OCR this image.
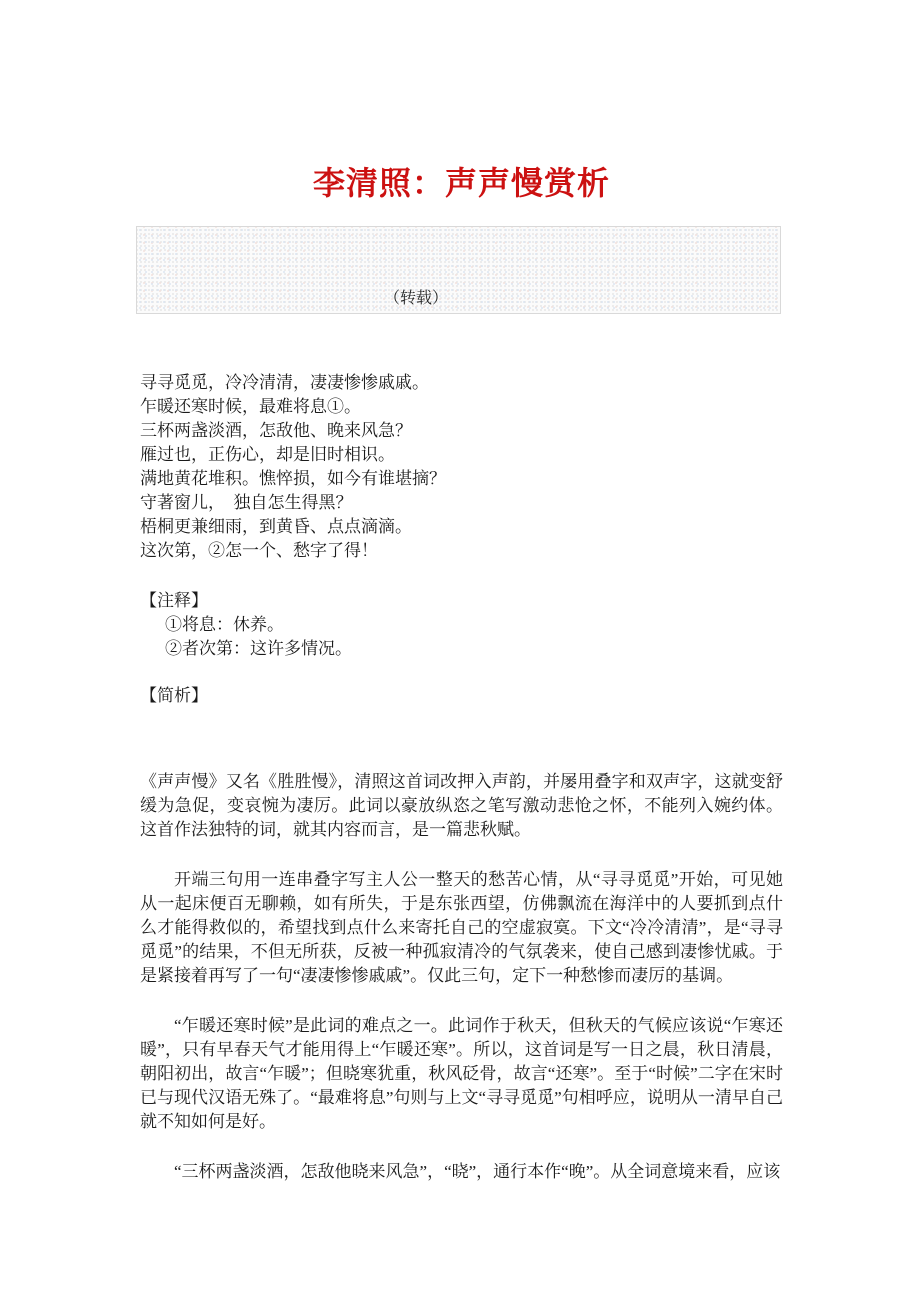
李清照：声声慢赏析
（转载）
寻寻觅觅，冷冷清清，凄凄惨惨戚戚。
乍暖还寒时候，最难将息①。
三杯两盏淡酒，怎敌他、晚来风急？
雁过也，正伤心，却是旧时相识。
满地黄花堆积。憔悴损，如今有谁堪摘？
守著窗儿，　独自怎生得黑？
梧桐更兼细雨，到黄昏、点点滴滴。
这次第，②怎一个、愁字了得！
【注释】
①将息：休养。
②者次第：这许多情况。
【简析】

《声声慢》又名《胜胜慢》，清照这首词改押入声韵，并屡用叠字和双声字，这就变舒缓为急促，变哀惋为凄厉。此词以豪放纵恣之笔写激动悲怆之怀，不能列入婉约体。这首作法独特的词，就其内容而言，是一篇悲秋赋。

开端三句用一连串叠字写主人公一整天的愁苦心情，从“寻寻觅觅”开始，可见她从一起床便百无聊赖，如有所失，于是东张西望，仿佛飘流在海洋中的人要抓到点什么才能得救似的，希望找到点什么来寄托自己的空虚寂寞。下文“冷冷清清”，是“寻寻觅觅”的结果，不但无所获，反被一种孤寂清冷的气氛袭来，使自己感到凄惨忧戚。于是紧接着再写了一句“凄凄惨惨戚戚”。仅此三句，定下一种愁惨而凄厉的基调。

“乍暖还寒时候”是此词的难点之一。此词作于秋天，但秋天的气候应该说“乍寒还暖”，只有早春天气才能用得上“乍暖还寒”。所以，这首词是写一日之晨，秋日清晨，朝阳初出，故言“乍暖”；但晓寒犹重，秋风砭骨，故言“还寒”。至于“时候”二字在宋时已与现代汉语无殊了。“最难将息”句则与上文“寻寻觅觅”句相呼应，说明从一清早自己就不知如何是好。

“三杯两盏淡酒，怎敌他晓来风急”，“晓”，通行本作“晚”。从全词意境来看，应该
